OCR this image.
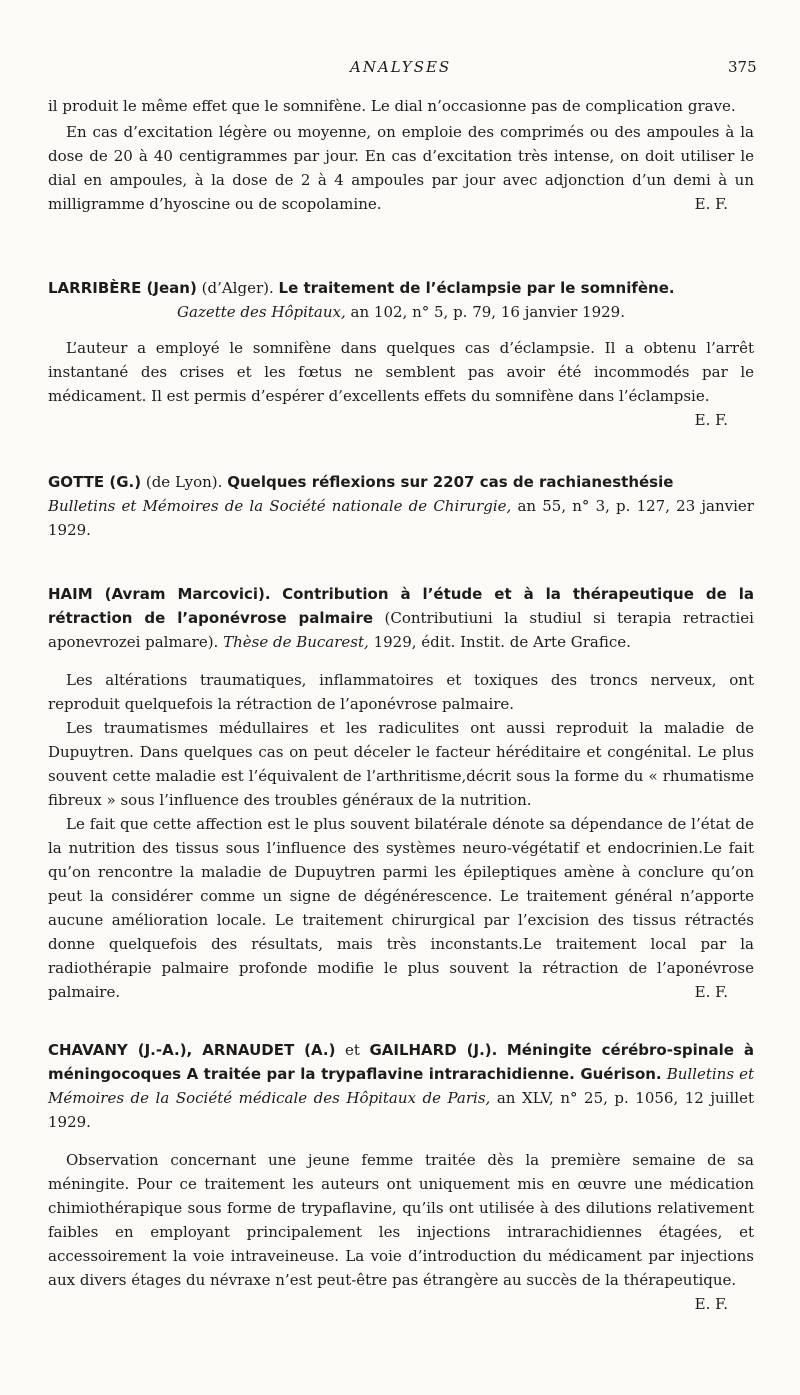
ANALYSES	375

il produit le même effet que le somnifène. Le dial n’occasionne pas de complication grave.

En cas d’excitation légère ou moyenne, on emploie des comprimés ou des ampoules à la dose de 20 à 40 centigrammes par jour. En cas d’excitation très intense, on doit utiliser le dial en ampoules, à la dose de 2 à 4 ampoules par jour avec adjonction d’un demi à un milligramme d’hyoscine ou de scopolamine.	E. F.

LARRIBÈRE (Jean) (d’Alger). Le traitement de l’éclampsie par le somnifène.

Gazette des Hôpitaux, an 102, n° 5, p. 79, 16 janvier 1929.

L’auteur a employé le somnifène dans quelques cas d’éclampsie. Il a obtenu l’arrêt instantané des crises et les fœtus ne semblent pas avoir été incommodés par le médicament. Il est permis d’espérer d’excellents effets du somnifène dans l’éclampsie.

E. F.

GOTTE (G.) (de Lyon). Quelques réflexions sur 2207 cas de rachianesthésie

Bulletins et Mémoires de la Société nationale de Chirurgie, an 55, n° 3, p. 127, 23 janvier 1929.

HAIM (Avram Marcovici). Contribution à l’étude et à la thérapeutique de la rétraction de l’aponévrose palmaire (Contributiuni la studiul si terapia retractiei aponevrozei palmare). Thèse de Bucarest, 1929, édit. Instit. de Arte Grafice.

Les altérations traumatiques, inflammatoires et toxiques des troncs nerveux, ont reproduit quelquefois la rétraction de l’aponévrose palmaire.

Les traumatismes médullaires et les radiculites ont aussi reproduit la maladie de Dupuytren. Dans quelques cas on peut déceler le facteur héréditaire et congénital. Le plus souvent cette maladie est l’équivalent de l’arthritisme,décrit sous la forme du « rhumatisme fibreux » sous l’influence des troubles généraux de la nutrition.

Le fait que cette affection est le plus souvent bilatérale dénote sa dépendance de l’état de la nutrition des tissus sous l’influence des systèmes neuro-végétatif et endocrinien.Le fait qu’on rencontre la maladie de Dupuytren parmi les épileptiques amène à conclure qu’on peut la considérer comme un signe de dégénérescence. Le traitement général n’apporte aucune amélioration locale. Le traitement chirurgical par l’excision des tissus rétractés donne quelquefois des résultats, mais très inconstants.Le traitement local par la radiothérapie palmaire profonde modifie le plus souvent la rétraction de l’aponévrose palmaire.	E. F.

CHAVANY (J.-A.), ARNAUDET (A.) et GAILHARD (J.). Méningite cérébro-spinale à méningocoques A traitée par la trypaflavine intrarachidienne. Guérison. Bulletins et Mémoires de la Société médicale des Hôpitaux de Paris, an XLV, n° 25, p. 1056, 12 juillet 1929.

Observation concernant une jeune femme traitée dès la première semaine de sa méningite. Pour ce traitement les auteurs ont uniquement mis en œuvre une médication chimiothérapique sous forme de trypaflavine, qu’ils ont utilisée à des dilutions relativement faibles en employant principalement les injections intrarachidiennes étagées, et accessoirement la voie intraveineuse. La voie d’introduction du médicament par injections aux divers étages du névraxe n’est peut-être pas étrangère au succès de la thérapeutique.
E. F.
